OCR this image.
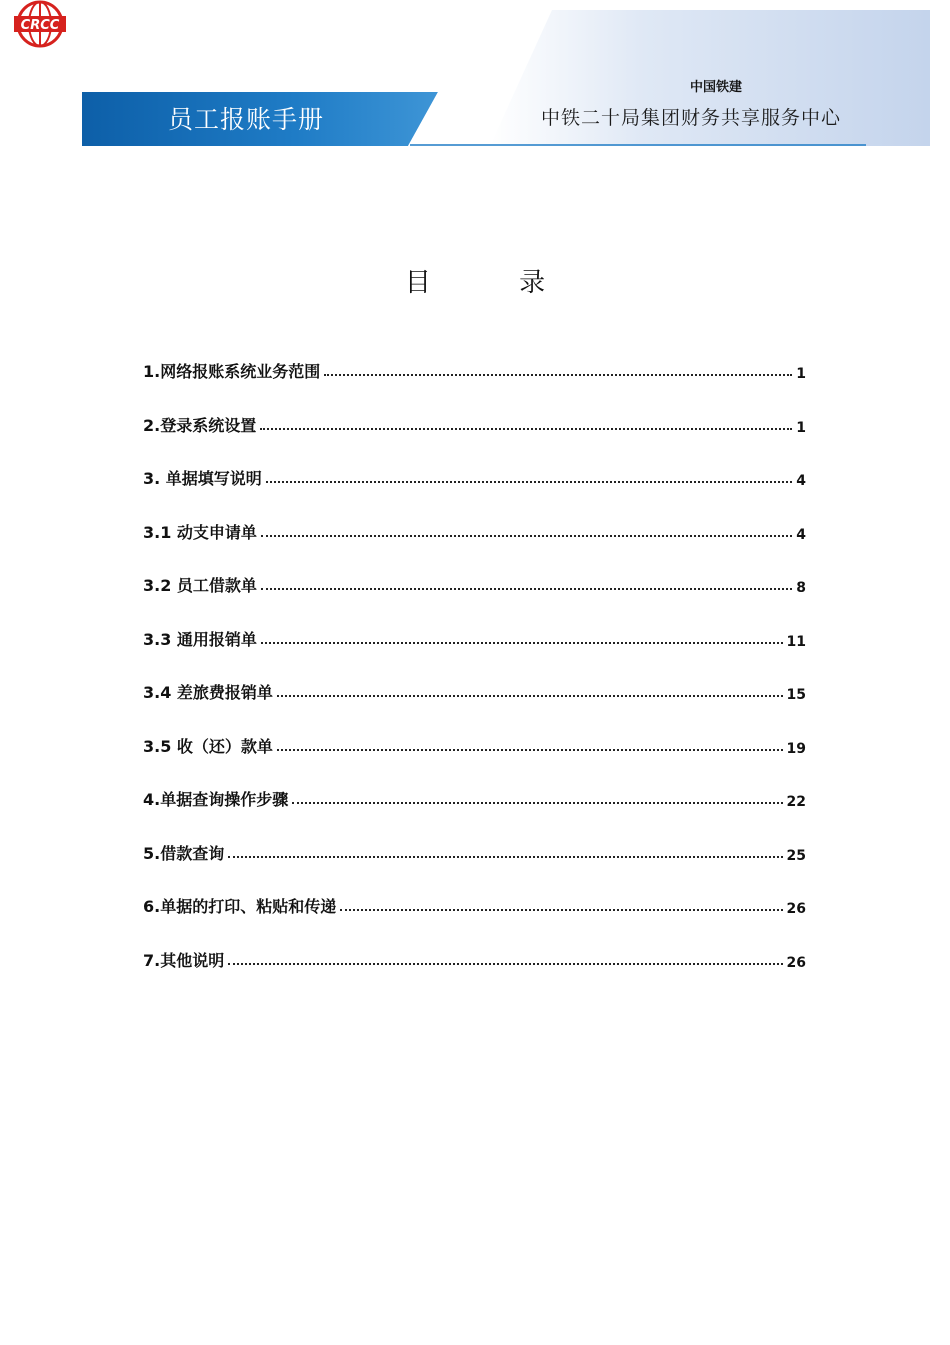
员工报账手册
CRCC
中国铁建
中铁二十局集团财务共享服务中心
目 录
1.网络报账系统业务范围	1
2.登录系统设置	1
3. 单据填写说明	4
3.1 动支申请单	4
3.2 员工借款单	8
3.3 通用报销单	11
3.4 差旅费报销单	15
3.5 收（还）款单	19
4.单据查询操作步骤	22
5.借款查询	25
6.单据的打印、粘贴和传递	26
7.其他说明	26
